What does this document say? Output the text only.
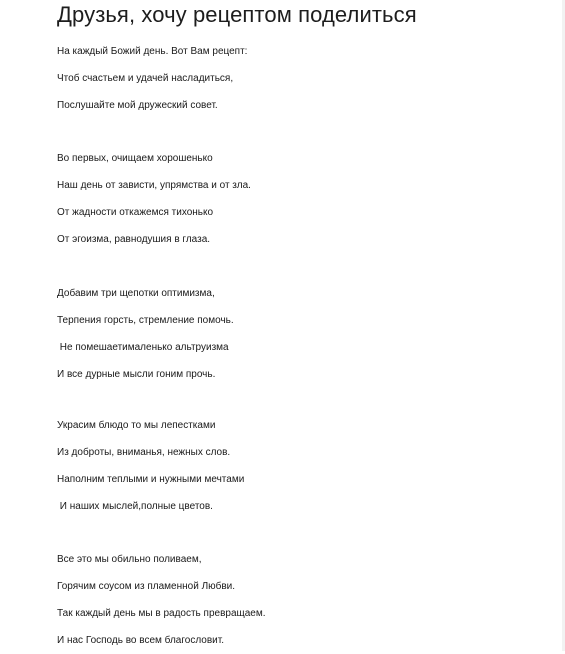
Друзья, хочу рецептом поделиться
На каждый Божий день. Вот Вам рецепт:
Чтоб счастьем и удачей насладиться,
Послушайте мой дружеский совет.
Во первых, очищаем хорошенько
Наш день от зависти, упрямства и от зла.
От жадности откажемся тихонько
От эгоизма, равнодушия в глаза.
Добавим три щепотки оптимизма,
Терпения горсть, стремление помочь.
Не помешаетималенько альтруизма
И все дурные мысли гоним прочь.
Украсим блюдо то мы лепестками
Из доброты, вниманья, нежных слов.
Наполним теплыми и нужными мечтами
И наших мыслей,полные цветов.
Все это мы обильно поливаем,
Горячим соусом из пламенной Любви.
Так каждый день мы в радость превращаем.
И нас Господь во всем благословит.
